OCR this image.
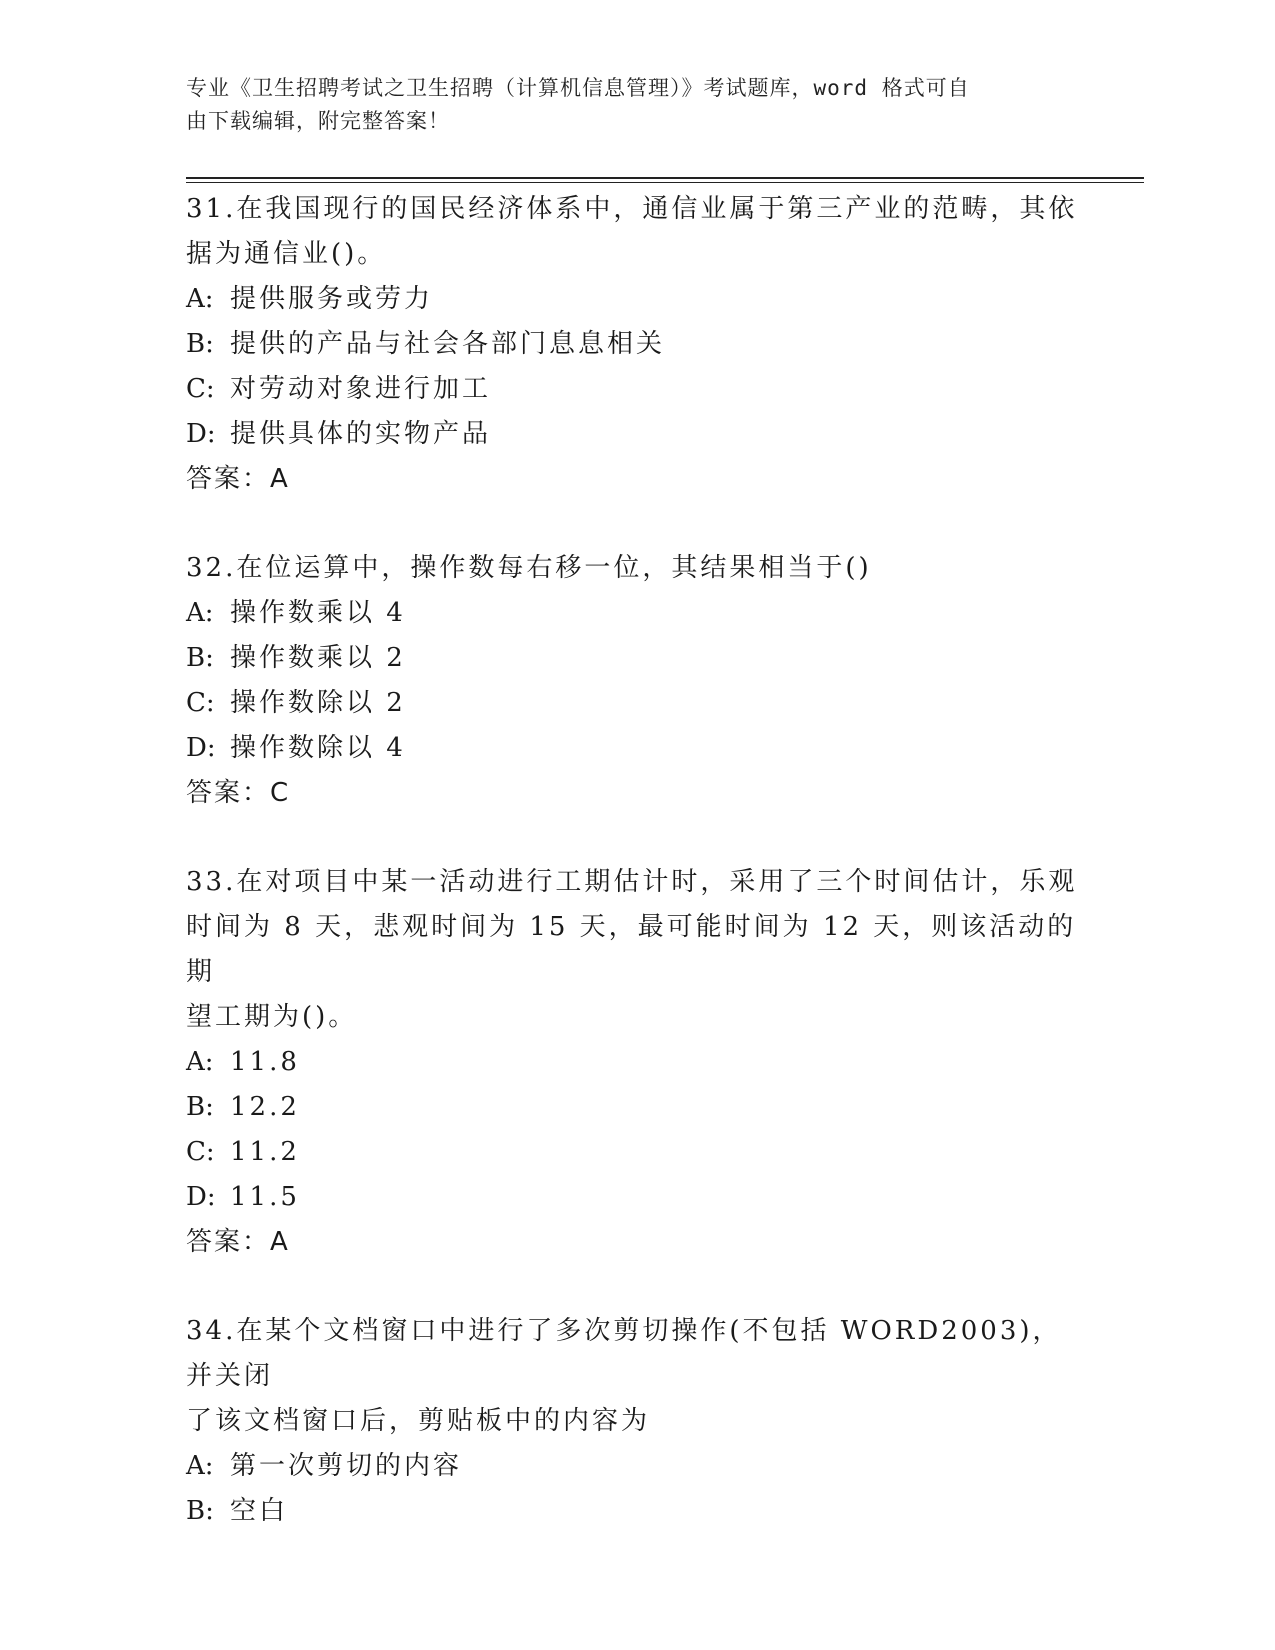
专业《卫生招聘考试之卫生招聘（计算机信息管理）》考试题库，word 格式可自
由下载编辑，附完整答案！
31.在我国现行的国民经济体系中，通信业属于第三产业的范畴，其依
据为通信业()。
A: 提供服务或劳力
B: 提供的产品与社会各部门息息相关
C: 对劳动对象进行加工
D: 提供具体的实物产品
答案：A
32.在位运算中，操作数每右移一位，其结果相当于()
A: 操作数乘以 4
B: 操作数乘以 2
C: 操作数除以 2
D: 操作数除以 4
答案：C
33.在对项目中某一活动进行工期估计时，采用了三个时间估计，乐观
时间为 8 天，悲观时间为 15 天，最可能时间为 12 天，则该活动的期
望工期为()。
A: 11.8
B: 12.2
C: 11.2
D: 11.5
答案：A
34.在某个文档窗口中进行了多次剪切操作(不包括 WORD2003)，并关闭
了该文档窗口后，剪贴板中的内容为
A: 第一次剪切的内容
B: 空白
